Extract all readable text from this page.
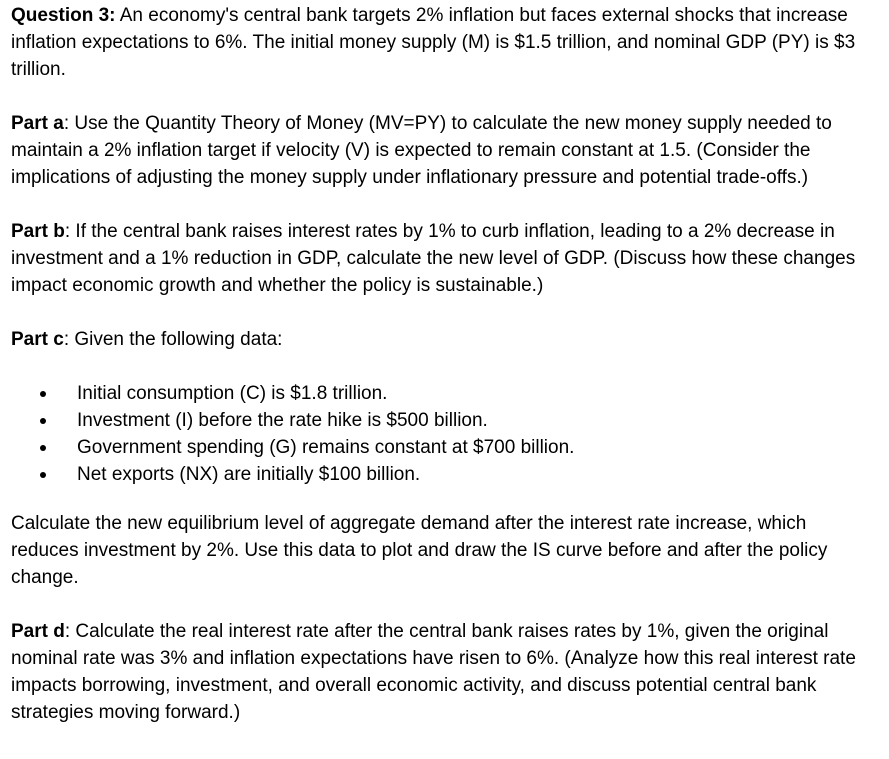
Question 3: An economy's central bank targets 2% inflation but faces external shocks that increase inflation expectations to 6%. The initial money supply (M) is $1.5 trillion, and nominal GDP (PY) is $3 trillion.

Part a: Use the Quantity Theory of Money (MV=PY) to calculate the new money supply needed to maintain a 2% inflation target if velocity (V) is expected to remain constant at 1.5. (Consider the implications of adjusting the money supply under inflationary pressure and potential trade-offs.)

Part b: If the central bank raises interest rates by 1% to curb inflation, leading to a 2% decrease in investment and a 1% reduction in GDP, calculate the new level of GDP. (Discuss how these changes impact economic growth and whether the policy is sustainable.)

Part c: Given the following data:

Initial consumption (C) is $1.8 trillion.
Investment (I) before the rate hike is $500 billion.
Government spending (G) remains constant at $700 billion.
Net exports (NX) are initially $100 billion.

Calculate the new equilibrium level of aggregate demand after the interest rate increase, which reduces investment by 2%. Use this data to plot and draw the IS curve before and after the policy change.

Part d: Calculate the real interest rate after the central bank raises rates by 1%, given the original nominal rate was 3% and inflation expectations have risen to 6%. (Analyze how this real interest rate impacts borrowing, investment, and overall economic activity, and discuss potential central bank strategies moving forward.)
